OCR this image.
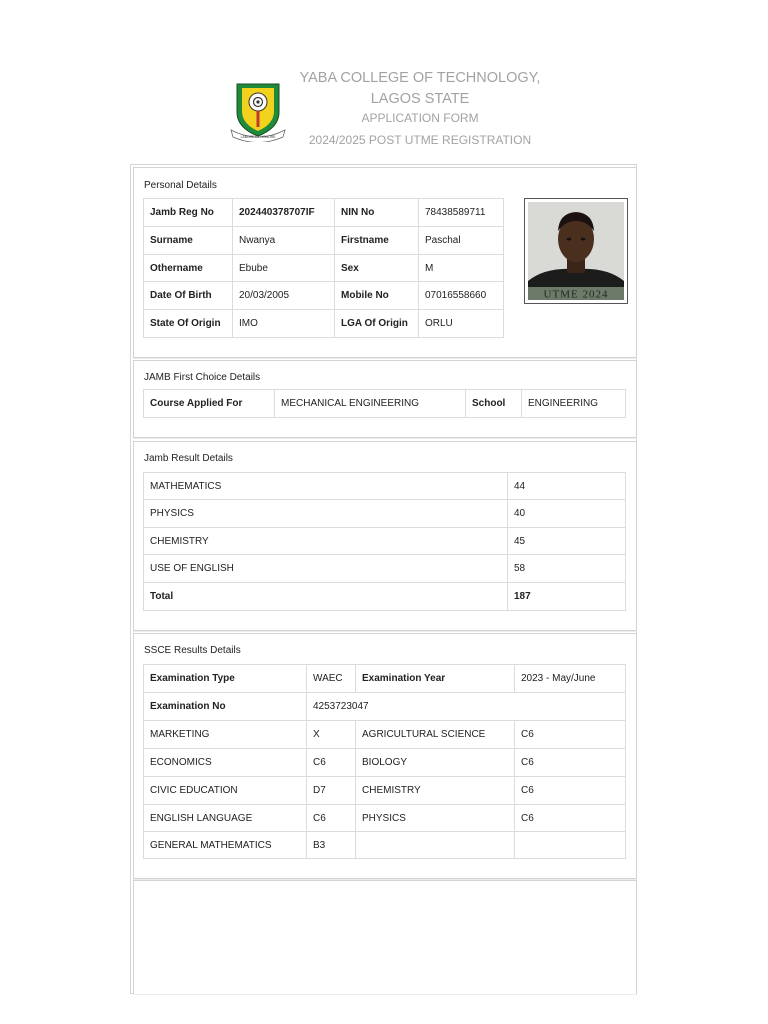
LABORE ET HONORE
YABA COLLEGE OF TECHNOLOGY,
LAGOS STATE
APPLICATION FORM
2024/2025 POST UTME REGISTRATION
Personal Details
Jamb Reg No	202440378707IF	NIN No	78438589711
Surname	Nwanya	Firstname	Paschal
Othername	Ebube	Sex	M
Date Of Birth	20/03/2005	Mobile No	07016558660
State Of Origin	IMO	LGA Of Origin	ORLU
UTME 2024
JAMB First Choice Details
Course Applied For	MECHANICAL ENGINEERING	School	ENGINEERING
Jamb Result Details
MATHEMATICS	44
PHYSICS	40
CHEMISTRY	45
USE OF ENGLISH	58
Total	187
SSCE Results Details
Examination Type	WAEC	Examination Year	2023 - May/June
Examination No	4253723047		
MARKETING	X	AGRICULTURAL SCIENCE	C6
ECONOMICS	C6	BIOLOGY	C6
CIVIC EDUCATION	D7	CHEMISTRY	C6
ENGLISH LANGUAGE	C6	PHYSICS	C6
GENERAL MATHEMATICS	B3		
